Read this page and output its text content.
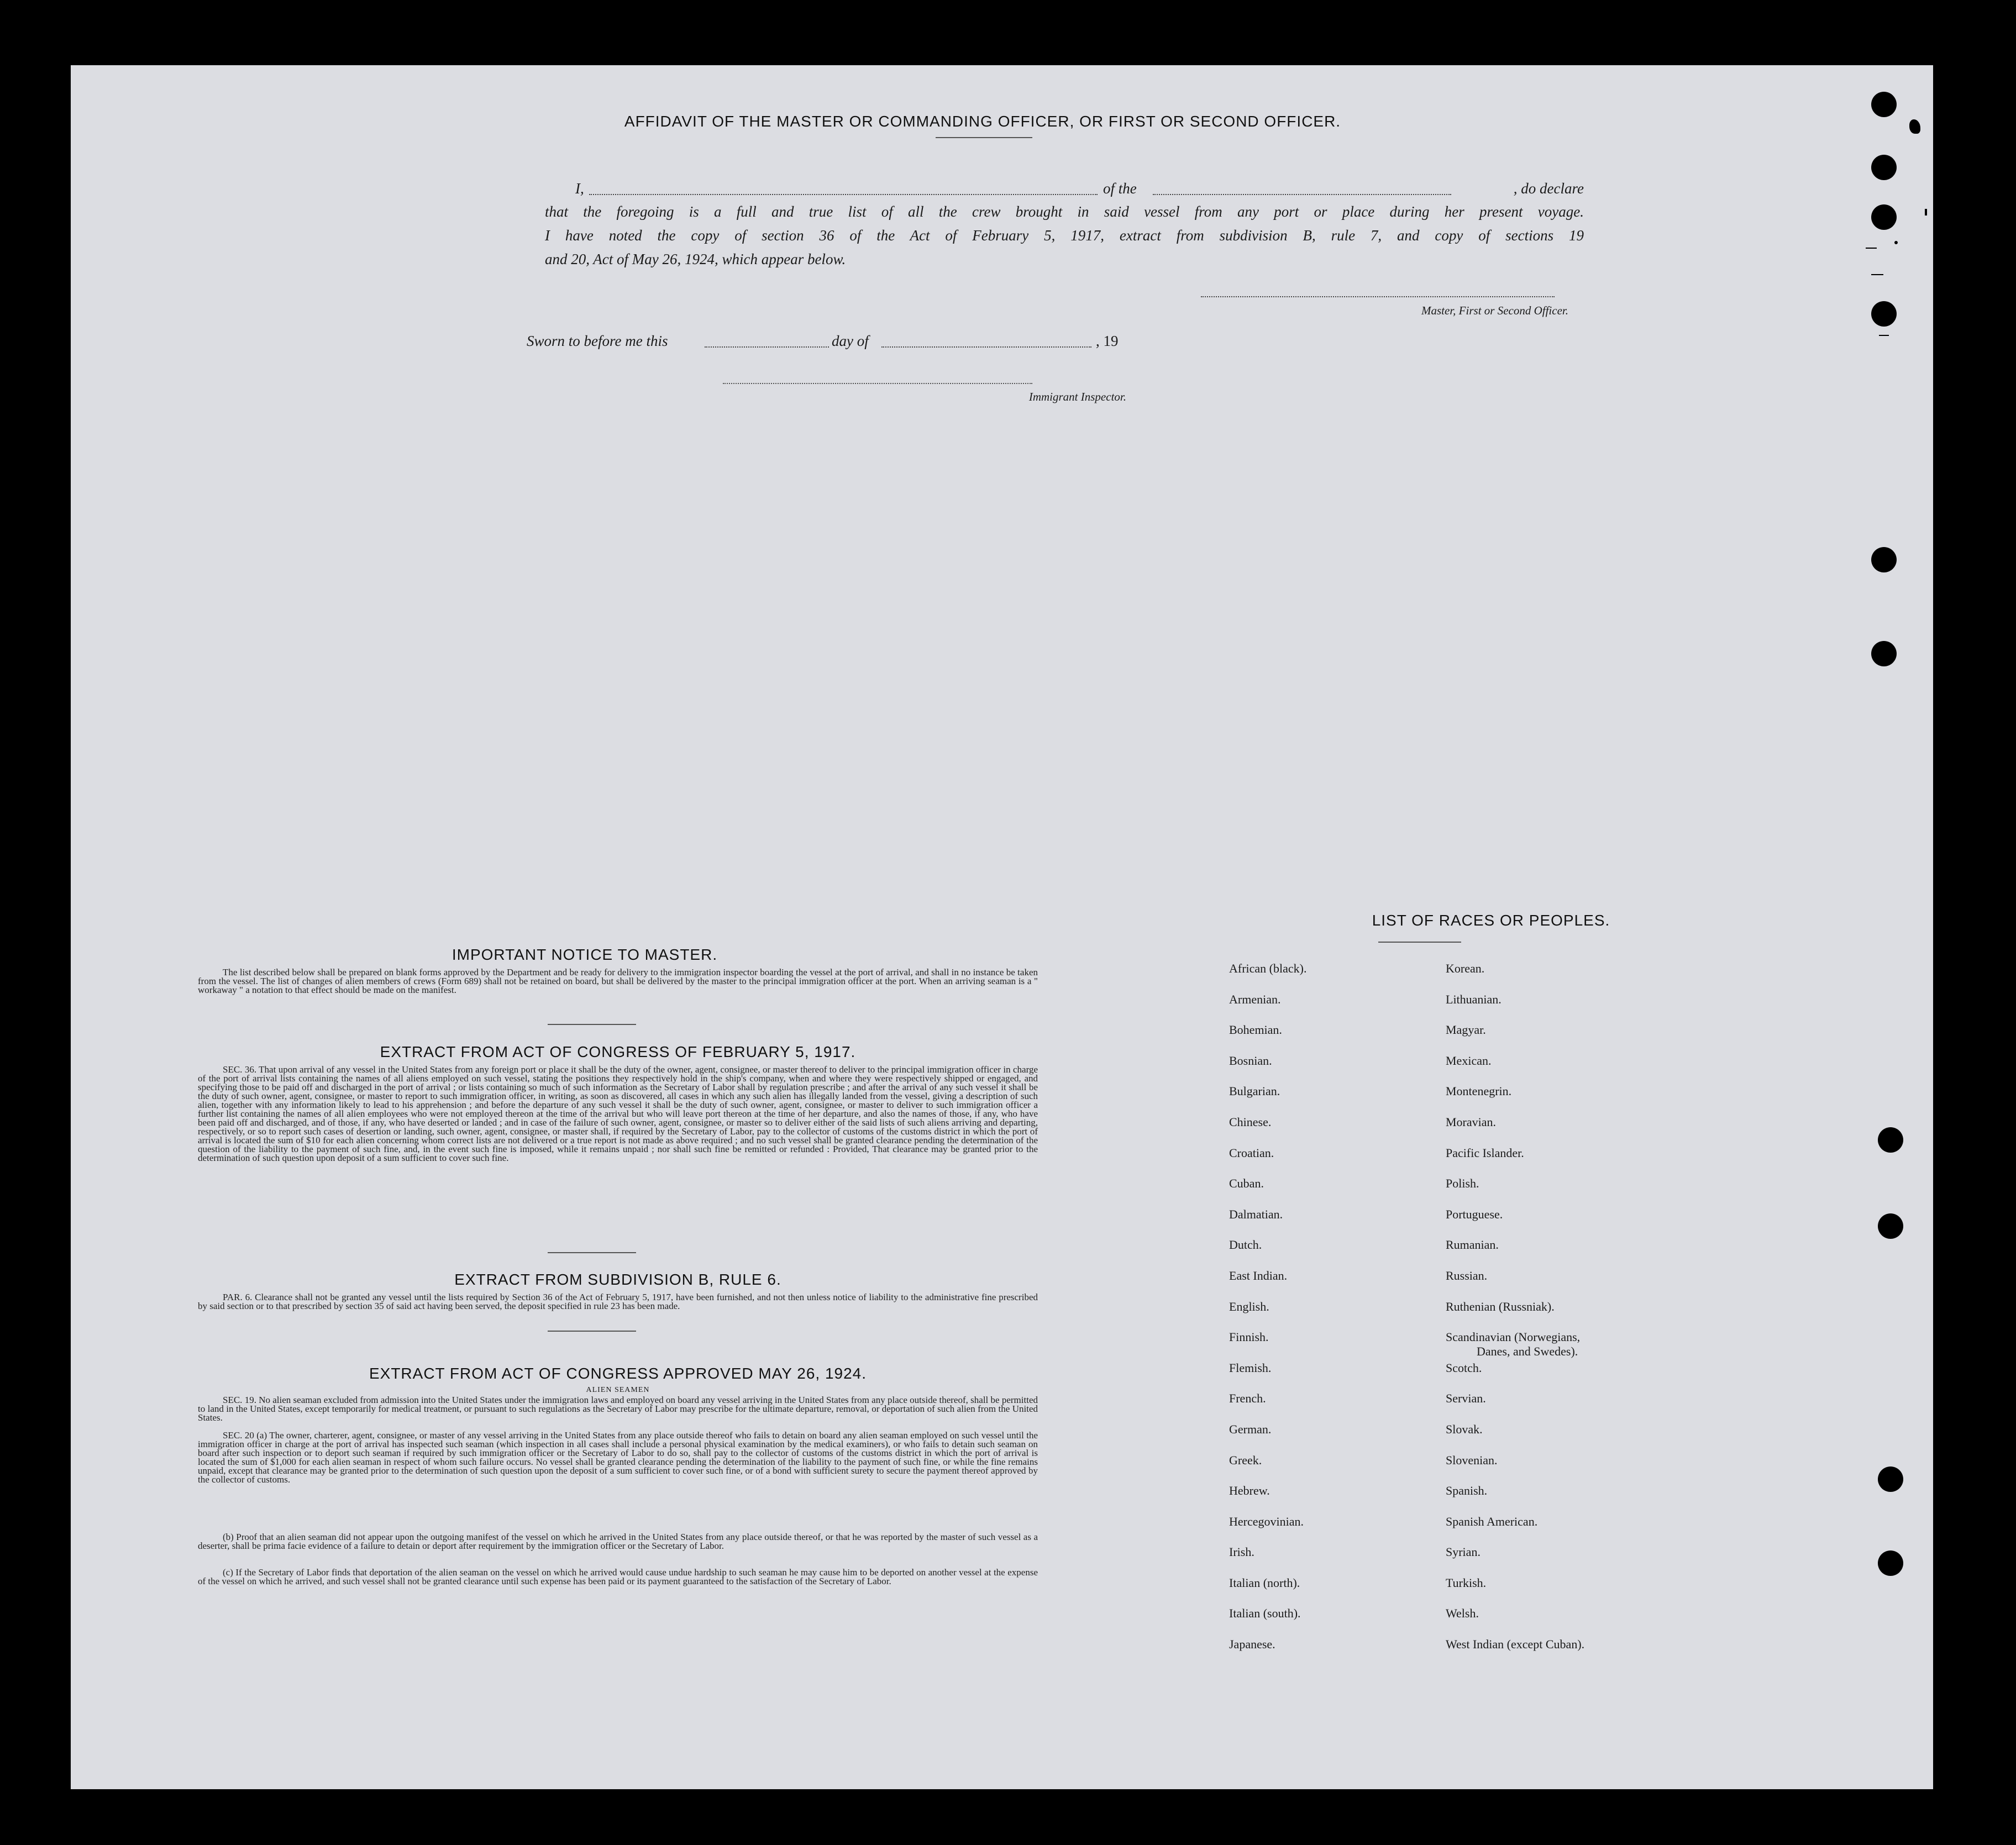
AFFIDAVIT OF THE MASTER OR COMMANDING OFFICER, OR FIRST OR SECOND OFFICER.
I,	of the	, do declare
that the foregoing is a full and true list of all the crew brought in said vessel from any port or place during her present voyage.
I have noted the copy of section 36 of the Act of February 5, 1917, extract from subdivision B, rule 7, and copy of sections 19
and 20, Act of May 26, 1924, which appear below.
Master, First or Second Officer.
Sworn to before me this	day of	, 19
Immigrant Inspector.
IMPORTANT NOTICE TO MASTER.
The list described below shall be prepared on blank forms approved by the Department and be ready for delivery to the immigration inspector boarding the vessel at the port of arrival, and shall in no instance be taken from the vessel. The list of changes of alien members of crews (Form 689) shall not be retained on board, but shall be delivered by the master to the principal immigration officer at the port. When an arriving seaman is a " workaway " a notation to that effect should be made on the manifest.
EXTRACT FROM ACT OF CONGRESS OF FEBRUARY 5, 1917.
SEC. 36. That upon arrival of any vessel in the United States from any foreign port or place it shall be the duty of the owner, agent, consignee, or master thereof to deliver to the principal immigration officer in charge of the port of arrival lists containing the names of all aliens employed on such vessel, stating the positions they respectively hold in the ship's company, when and where they were respectively shipped or engaged, and specifying those to be paid off and discharged in the port of arrival ; or lists containing so much of such information as the Secretary of Labor shall by regulation prescribe ; and after the arrival of any such vessel it shall be the duty of such owner, agent, consignee, or master to report to such immigration officer, in writing, as soon as discovered, all cases in which any such alien has illegally landed from the vessel, giving a description of such alien, together with any information likely to lead to his apprehension ; and before the departure of any such vessel it shall be the duty of such owner, agent, consignee, or master to deliver to such immigration officer a further list containing the names of all alien employees who were not employed thereon at the time of the arrival but who will leave port thereon at the time of her departure, and also the names of those, if any, who have been paid off and discharged, and of those, if any, who have deserted or landed ; and in case of the failure of such owner, agent, consignee, or master so to deliver either of the said lists of such aliens arriving and departing, respectively, or so to report such cases of desertion or landing, such owner, agent, consignee, or master shall, if required by the Secretary of Labor, pay to the collector of customs of the customs district in which the port of arrival is located the sum of $10 for each alien concerning whom correct lists are not delivered or a true report is not made as above required ; and no such vessel shall be granted clearance pending the determination of the question of the liability to the payment of such fine, and, in the event such fine is imposed, while it remains unpaid ; nor shall such fine be remitted or refunded : Provided, That clearance may be granted prior to the determination of such question upon deposit of a sum sufficient to cover such fine.
EXTRACT FROM SUBDIVISION B, RULE 6.
PAR. 6. Clearance shall not be granted any vessel until the lists required by Section 36 of the Act of February 5, 1917, have been furnished, and not then unless notice of liability to the administrative fine prescribed by said section or to that prescribed by section 35 of said act having been served, the deposit specified in rule 23 has been made.
EXTRACT FROM ACT OF CONGRESS APPROVED MAY 26, 1924.
ALIEN SEAMEN
SEC. 19. No alien seaman excluded from admission into the United States under the immigration laws and employed on board any vessel arriving in the United States from any place outside thereof, shall be permitted to land in the United States, except temporarily for medical treatment, or pursuant to such regulations as the Secretary of Labor may prescribe for the ultimate departure, removal, or deportation of such alien from the United States.
SEC. 20 (a) The owner, charterer, agent, consignee, or master of any vessel arriving in the United States from any place outside thereof who fails to detain on board any alien seaman employed on such vessel until the immigration officer in charge at the port of arrival has inspected such seaman (which inspection in all cases shall include a personal physical examination by the medical examiners), or who fails to detain such seaman on board after such inspection or to deport such seaman if required by such immigration officer or the Secretary of Labor to do so, shall pay to the collector of customs of the customs district in which the port of arrival is located the sum of $1,000 for each alien seaman in respect of whom such failure occurs. No vessel shall be granted clearance pending the determination of the liability to the payment of such fine, or while the fine remains unpaid, except that clearance may be granted prior to the determination of such question upon the deposit of a sum sufficient to cover such fine, or of a bond with sufficient surety to secure the payment thereof approved by the collector of customs.
(b) Proof that an alien seaman did not appear upon the outgoing manifest of the vessel on which he arrived in the United States from any place outside thereof, or that he was reported by the master of such vessel as a deserter, shall be prima facie evidence of a failure to detain or deport after requirement by the immigration officer or the Secretary of Labor.
(c) If the Secretary of Labor finds that deportation of the alien seaman on the vessel on which he arrived would cause undue hardship to such seaman he may cause him to be deported on another vessel at the expense of the vessel on which he arrived, and such vessel shall not be granted clearance until such expense has been paid or its payment guaranteed to the satisfaction of the Secretary of Labor.
LIST OF RACES OR PEOPLES.
African (black).
Armenian.
Bohemian.
Bosnian.
Bulgarian.
Chinese.
Croatian.
Cuban.
Dalmatian.
Dutch.
East Indian.
English.
Finnish.
Flemish.
French.
German.
Greek.
Hebrew.
Hercegovinian.
Irish.
Italian (north).
Italian (south).
Japanese.
Korean.
Lithuanian.
Magyar.
Mexican.
Montenegrin.
Moravian.
Pacific Islander.
Polish.
Portuguese.
Rumanian.
Russian.
Ruthenian (Russniak).
Scandinavian (Norwegians,
Scotch.
Servian.
Slovak.
Slovenian.
Spanish.
Spanish American.
Syrian.
Turkish.
Welsh.
West Indian (except Cuban).
Danes, and Swedes).
